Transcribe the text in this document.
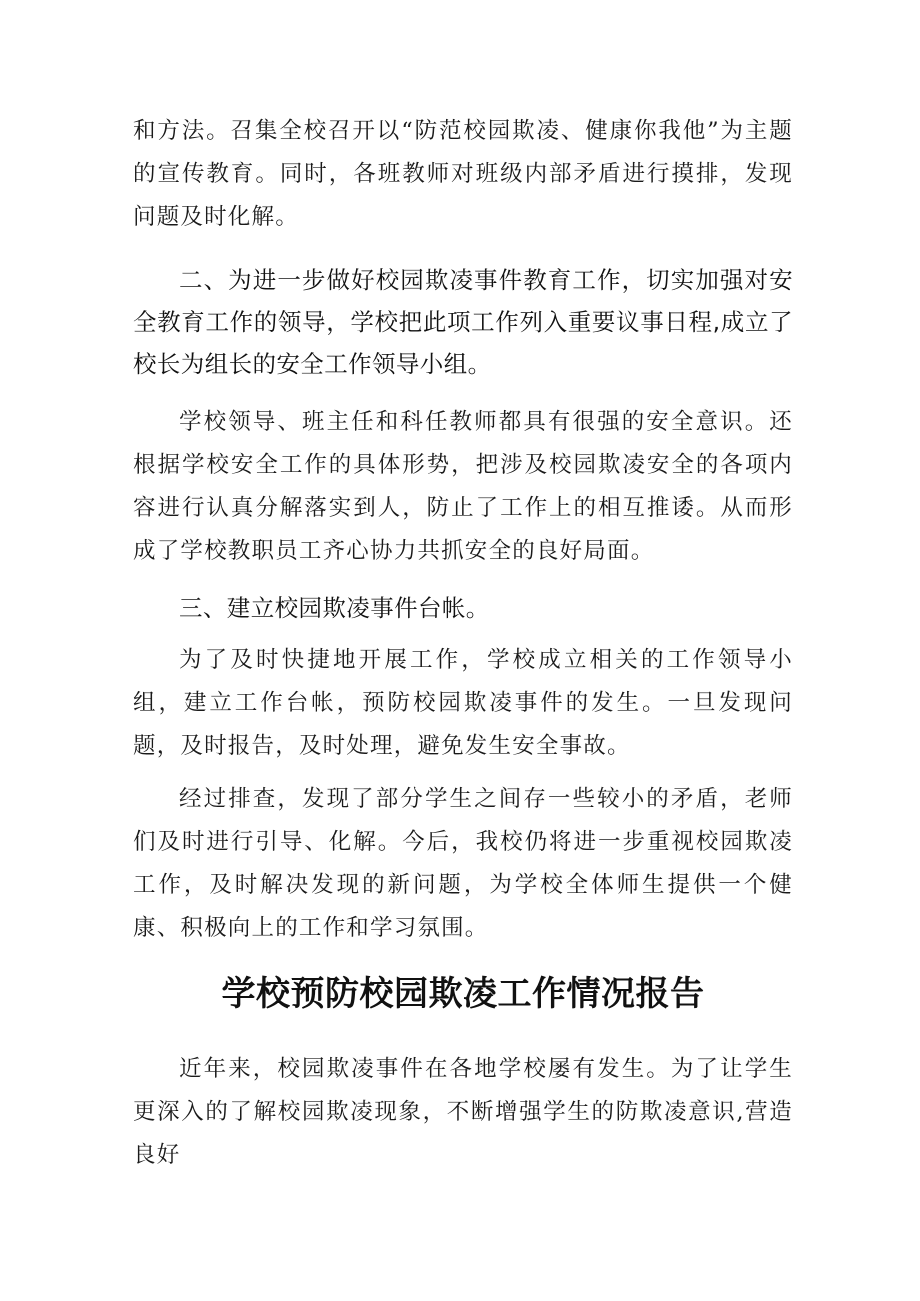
和方法。召集全校召开以“防范校园欺凌、健康你我他”为主题的宣传教育。同时，各班教师对班级内部矛盾进行摸排，发现问题及时化解。

二、为进一步做好校园欺凌事件教育工作，切实加强对安全教育工作的领导，学校把此项工作列入重要议事日程,成立了校长为组长的安全工作领导小组。

学校领导、班主任和科任教师都具有很强的安全意识。还根据学校安全工作的具体形势，把涉及校园欺凌安全的各项内容进行认真分解落实到人，防止了工作上的相互推诿。从而形成了学校教职员工齐心协力共抓安全的良好局面。

三、建立校园欺凌事件台帐。

为了及时快捷地开展工作，学校成立相关的工作领导小组，建立工作台帐，预防校园欺凌事件的发生。一旦发现问题，及时报告，及时处理，避免发生安全事故。

经过排查，发现了部分学生之间存一些较小的矛盾，老师们及时进行引导、化解。今后，我校仍将进一步重视校园欺凌工作，及时解决发现的新问题，为学校全体师生提供一个健康、积极向上的工作和学习氛围。

学校预防校园欺凌工作情况报告

近年来，校园欺凌事件在各地学校屡有发生。为了让学生更深入的了解校园欺凌现象，不断增强学生的防欺凌意识,营造良好
